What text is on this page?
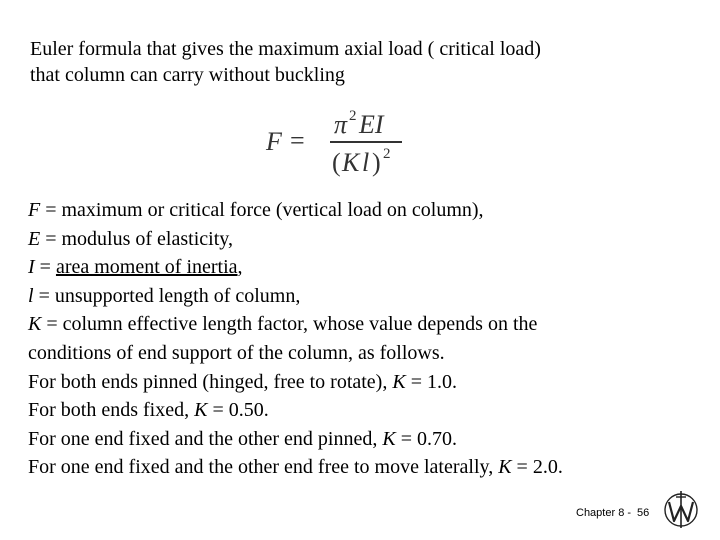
Euler formula that gives the maximum axial load ( critical load)
that column can carry without buckling
F =
π 2 EI
( K l ) 2
F = maximum or critical force (vertical load on column),
E = modulus of elasticity,
I = area moment of inertia,
l = unsupported length of column,
K = column effective length factor, whose value depends on the
conditions of end support of the column, as follows.
For both ends pinned (hinged, free to rotate), K = 1.0.
For both ends fixed, K = 0.50.
For one end fixed and the other end pinned, K = 0.70.
For one end fixed and the other end free to move laterally, K = 2.0.
Chapter 8 - 56
